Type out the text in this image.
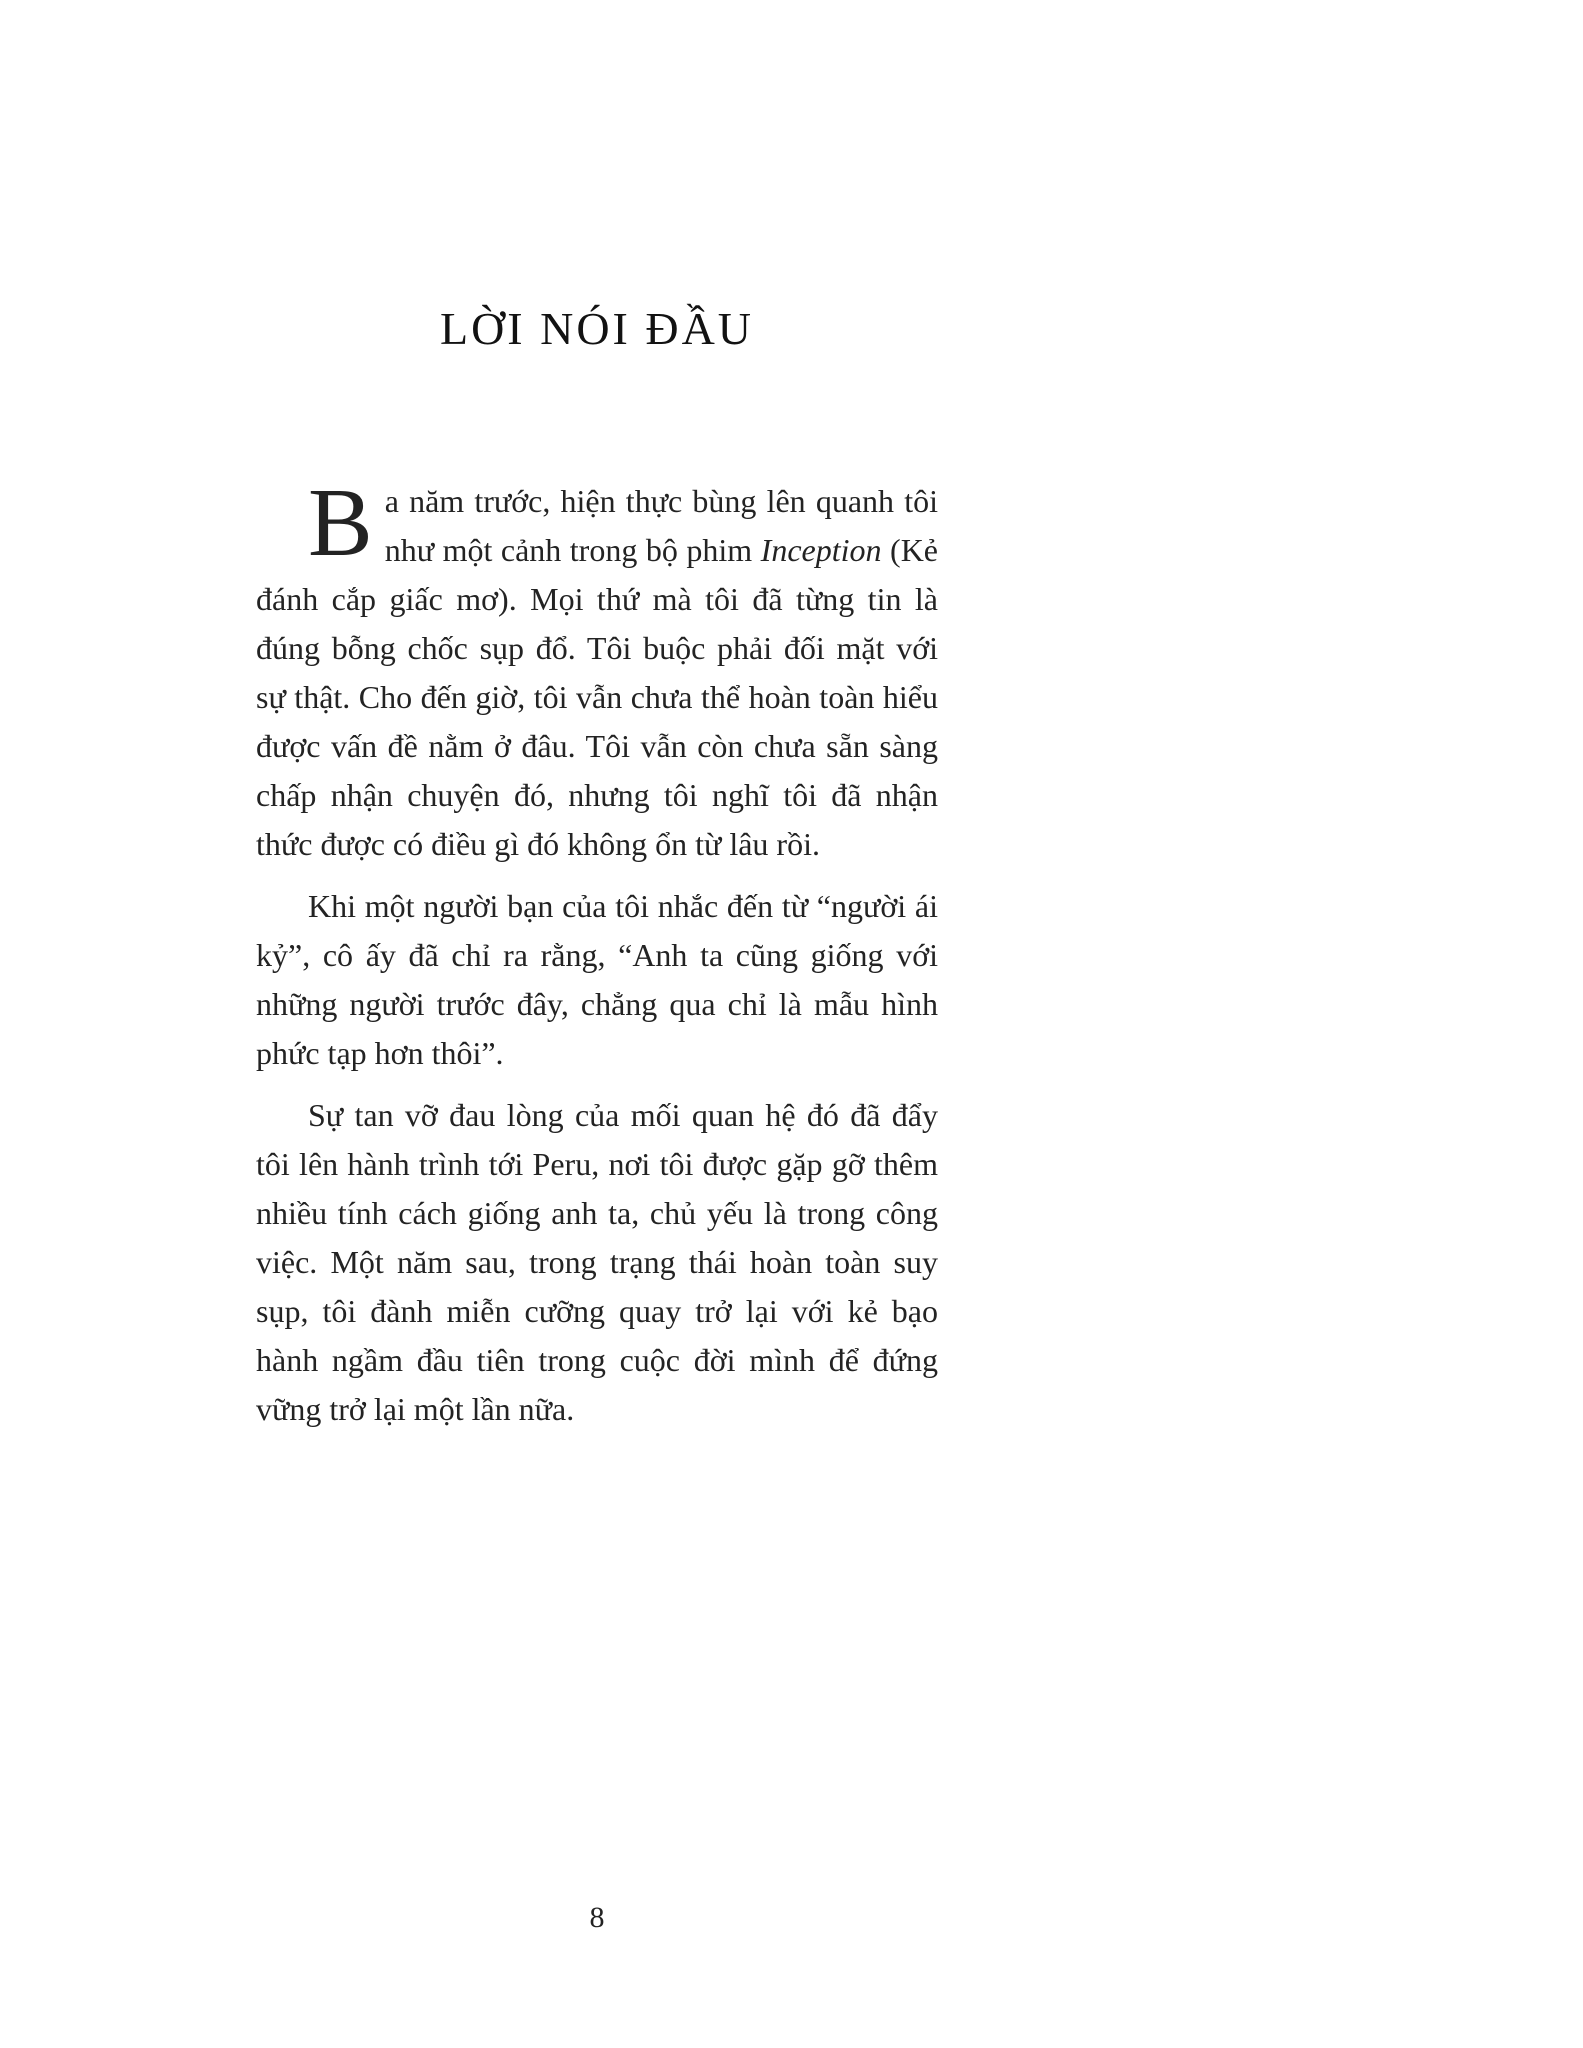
LỜI NÓI ĐẦU

Ba năm trước, hiện thực bùng lên quanh tôi như một cảnh trong bộ phim Inception (Kẻ đánh cắp giấc mơ). Mọi thứ mà tôi đã từng tin là đúng bỗng chốc sụp đổ. Tôi buộc phải đối mặt với sự thật. Cho đến giờ, tôi vẫn chưa thể hoàn toàn hiểu được vấn đề nằm ở đâu. Tôi vẫn còn chưa sẵn sàng chấp nhận chuyện đó, nhưng tôi nghĩ tôi đã nhận thức được có điều gì đó không ổn từ lâu rồi.

Khi một người bạn của tôi nhắc đến từ “người ái kỷ”, cô ấy đã chỉ ra rằng, “Anh ta cũng giống với những người trước đây, chẳng qua chỉ là mẫu hình phức tạp hơn thôi”.

Sự tan vỡ đau lòng của mối quan hệ đó đã đẩy tôi lên hành trình tới Peru, nơi tôi được gặp gỡ thêm nhiều tính cách giống anh ta, chủ yếu là trong công việc. Một năm sau, trong trạng thái hoàn toàn suy sụp, tôi đành miễn cưỡng quay trở lại với kẻ bạo hành ngầm đầu tiên trong cuộc đời mình để đứng vững trở lại một lần nữa.

8
